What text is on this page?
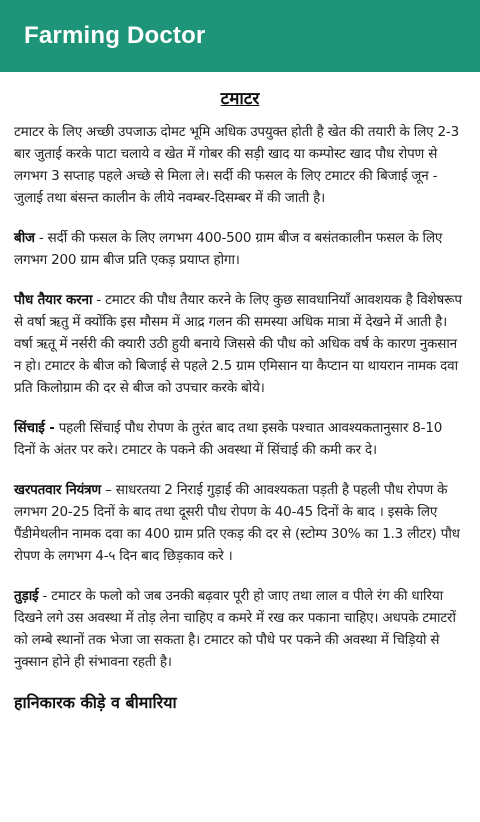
Farming Doctor
टमाटर

टमाटर के लिए अच्छी उपजाऊ दोमट भूमि अधिक उपयुक्त होती है खेत की तयारी के लिए 2-3 बार जुताई करके पाटा चलाये व खेत में गोबर की सड़ी खाद या कम्पोस्ट खाद पौध रोपण से लगभग 3 सप्ताह पहले अच्छे से मिला ले। सर्दी की फसल के लिए टमाटर की बिजाई जून - जुलाई तथा बंसन्त कालीन के लीये नवम्बर-दिसम्बर में की जाती है।

बीज - सर्दी की फसल के लिए लगभग 400-500 ग्राम बीज व बसंतकालीन फसल के लिए लगभग 200 ग्राम बीज प्रति एकड़ प्रयाप्त होगा।

पौध तैयार करना - टमाटर की पौध तैयार करने के लिए कुछ सावधानियाँ आवशयक है विशेषरूप से वर्षा ऋतु में क्योंकि इस मौसम में आद्र गलन की समस्या अधिक मात्रा में देखने में आती है। वर्षा ऋतू में नर्सरी की क्यारी उठी हुयी बनाये जिससे की पौध को अधिक वर्ष के कारण नुकसान न हो। टमाटर के बीज को बिजाई से पहले 2.5 ग्राम एमिसान या कैप्टान या थायरान नामक दवा प्रति किलोग्राम की दर से बीज को उपचार करके बोये।

सिंचाई - पहली सिंचाई पौध रोपण के तुरंत बाद तथा इसके पश्चात आवश्यकतानुसार 8-10 दिनों के अंतर पर करे। टमाटर के पकने की अवस्था में सिंचाई की कमी कर दे।

खरपतवार नियंत्रण – साधरतया 2 निराई गुड़ाई की आवश्यकता पड़ती है पहली पौध रोपण के लगभग 20-25 दिनों के बाद तथा दूसरी पौध रोपण के 40-45 दिनों के बाद । इसके लिए पैंडीमेथलीन नामक दवा का 400 ग्राम प्रति एकड़ की दर से (स्टोम्प 30% का 1.3 लीटर) पौध रोपण के लगभग 4-५ दिन बाद छिड़काव करे ।

तुड़ाई - टमाटर के फलो को जब उनकी बढ़वार पूरी हो जाए तथा लाल व पीले रंग की धारिया दिखने लगे उस अवस्था में तोड़ लेना चाहिए व कमरे में रख कर पकाना चाहिए। अधपके टमाटरों को लम्बे स्थानों तक भेजा जा सकता है। टमाटर को पौधे पर पकने की अवस्था में चिड़ियो से नुक्सान होने ही संभावना रहती है।

हानिकारक कीड़े व बीमारिया
